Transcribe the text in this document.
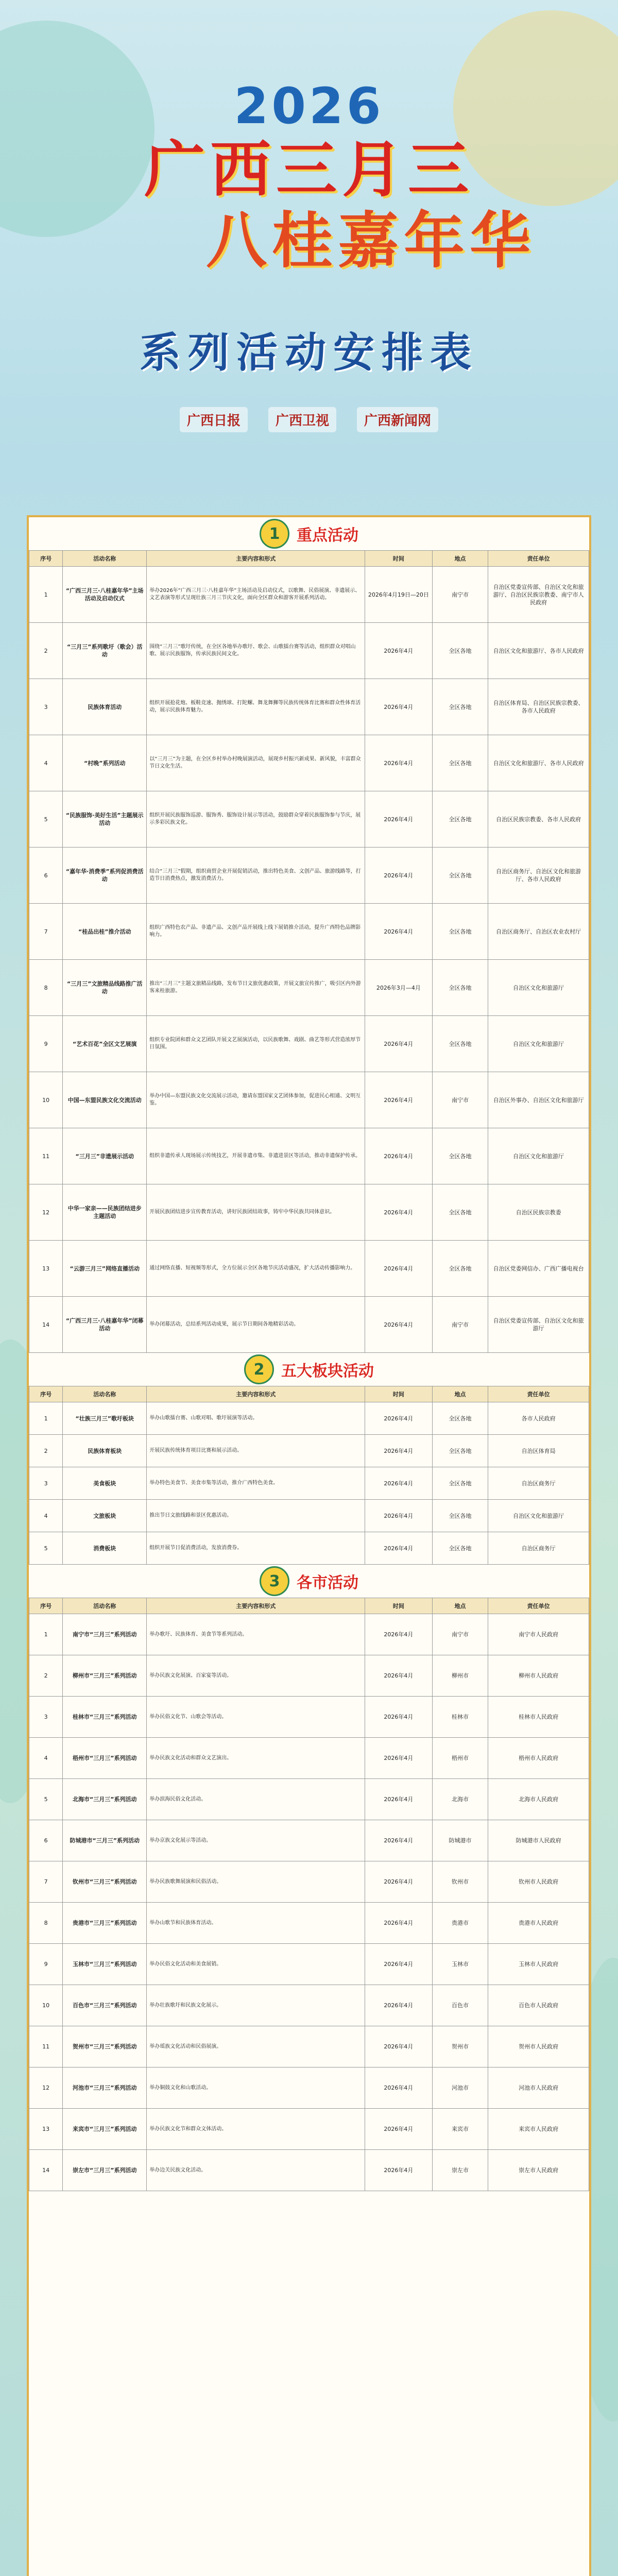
2026
广西三月三
八桂嘉年华
系列活动安排表
广西日报	广西卫视	广西新闻网
1	重点活动
序号	活动名称	主要内容和形式	时间	地点	责任单位
1	“广西三月三·八桂嘉年华”主场活动及启动仪式	举办2026年“广西三月三·八桂嘉年华”主场活动及启动仪式，以歌舞、民俗展演、非遗展示、文艺表演等形式呈现壮族三月三节庆文化，面向全区群众和游客开展系列活动。	2026年4月19日—20日	南宁市	自治区党委宣传部、自治区文化和旅游厅、自治区民族宗教委、南宁市人民政府
2	“三月三”系列歌圩（歌会）活动	围绕“三月三”歌圩传统，在全区各地举办歌圩、歌会、山歌擂台赛等活动，组织群众对唱山歌、展示民族服饰，传承民族民间文化。	2026年4月	全区各地	自治区文化和旅游厅、各市人民政府
3	民族体育活动	组织开展抢花炮、板鞋竞速、抛绣球、打陀螺、舞龙舞狮等民族传统体育比赛和群众性体育活动，展示民族体育魅力。	2026年4月	全区各地	自治区体育局、自治区民族宗教委、各市人民政府
4	“村晚”系列活动	以“三月三”为主题，在全区乡村举办村晚展演活动，展现乡村振兴新成果、新风貌，丰富群众节日文化生活。	2026年4月	全区各地	自治区文化和旅游厅、各市人民政府
5	“民族服饰·美好生活”主题展示活动	组织开展民族服饰巡游、服饰秀、服饰设计展示等活动，鼓励群众穿着民族服饰参与节庆，展示多彩民族文化。	2026年4月	全区各地	自治区民族宗教委、各市人民政府
6	“嘉年华·消费季”系列促消费活动	结合“三月三”假期，组织商贸企业开展促销活动，推出特色美食、文创产品、旅游线路等，打造节日消费热点，激发消费活力。	2026年4月	全区各地	自治区商务厅、自治区文化和旅游厅、各市人民政府
7	“桂品出桂”推介活动	组织广西特色农产品、非遗产品、文创产品开展线上线下展销推介活动，提升广西特色品牌影响力。	2026年4月	全区各地	自治区商务厅、自治区农业农村厅
8	“三月三”文旅精品线路推广活动	推出“三月三”主题文旅精品线路，发布节日文旅优惠政策，开展文旅宣传推广，吸引区内外游客来桂旅游。	2026年3月—4月	全区各地	自治区文化和旅游厅
9	“艺术百花”全区文艺展演	组织专业院团和群众文艺团队开展文艺展演活动，以民族歌舞、戏剧、曲艺等形式营造浓厚节日氛围。	2026年4月	全区各地	自治区文化和旅游厅
10	中国—东盟民族文化交流活动	举办中国—东盟民族文化交流展示活动，邀请东盟国家文艺团体参加，促进民心相通、文明互鉴。	2026年4月	南宁市	自治区外事办、自治区文化和旅游厅
11	“三月三”非遗展示活动	组织非遗传承人现场展示传统技艺，开展非遗市集、非遗进景区等活动，推动非遗保护传承。	2026年4月	全区各地	自治区文化和旅游厅
12	中华一家亲——民族团结进步主题活动	开展民族团结进步宣传教育活动，讲好民族团结故事，铸牢中华民族共同体意识。	2026年4月	全区各地	自治区民族宗教委
13	“云游三月三”网络直播活动	通过网络直播、短视频等形式，全方位展示全区各地节庆活动盛况，扩大活动传播影响力。	2026年4月	全区各地	自治区党委网信办、广西广播电视台
14	“广西三月三·八桂嘉年华”闭幕活动	举办闭幕活动，总结系列活动成果，展示节日期间各地精彩活动。	2026年4月	南宁市	自治区党委宣传部、自治区文化和旅游厅
2	五大板块活动
序号	活动名称	主要内容和形式	时间	地点	责任单位
1	“壮族三月三”歌圩板块	举办山歌擂台赛、山歌对唱、歌圩展演等活动。	2026年4月	全区各地	各市人民政府
2	民族体育板块	开展民族传统体育项目比赛和展示活动。	2026年4月	全区各地	自治区体育局
3	美食板块	举办特色美食节、美食市集等活动，推介广西特色美食。	2026年4月	全区各地	自治区商务厅
4	文旅板块	推出节日文旅线路和景区优惠活动。	2026年4月	全区各地	自治区文化和旅游厅
5	消费板块	组织开展节日促消费活动，发放消费券。	2026年4月	全区各地	自治区商务厅
3	各市活动
序号	活动名称	主要内容和形式	时间	地点	责任单位
1	南宁市“三月三”系列活动	举办歌圩、民族体育、美食节等系列活动。	2026年4月	南宁市	南宁市人民政府
2	柳州市“三月三”系列活动	举办民族文化展演、百家宴等活动。	2026年4月	柳州市	柳州市人民政府
3	桂林市“三月三”系列活动	举办民俗文化节、山歌会等活动。	2026年4月	桂林市	桂林市人民政府
4	梧州市“三月三”系列活动	举办民族文化活动和群众文艺演出。	2026年4月	梧州市	梧州市人民政府
5	北海市“三月三”系列活动	举办滨海民俗文化活动。	2026年4月	北海市	北海市人民政府
6	防城港市“三月三”系列活动	举办京族文化展示等活动。	2026年4月	防城港市	防城港市人民政府
7	钦州市“三月三”系列活动	举办民族歌舞展演和民俗活动。	2026年4月	钦州市	钦州市人民政府
8	贵港市“三月三”系列活动	举办山歌节和民族体育活动。	2026年4月	贵港市	贵港市人民政府
9	玉林市“三月三”系列活动	举办民俗文化活动和美食展销。	2026年4月	玉林市	玉林市人民政府
10	百色市“三月三”系列活动	举办壮族歌圩和民族文化展示。	2026年4月	百色市	百色市人民政府
11	贺州市“三月三”系列活动	举办瑶族文化活动和民俗展演。	2026年4月	贺州市	贺州市人民政府
12	河池市“三月三”系列活动	举办铜鼓文化和山歌活动。	2026年4月	河池市	河池市人民政府
13	来宾市“三月三”系列活动	举办民族文化节和群众文体活动。	2026年4月	来宾市	来宾市人民政府
14	崇左市“三月三”系列活动	举办边关民族文化活动。	2026年4月	崇左市	崇左市人民政府
